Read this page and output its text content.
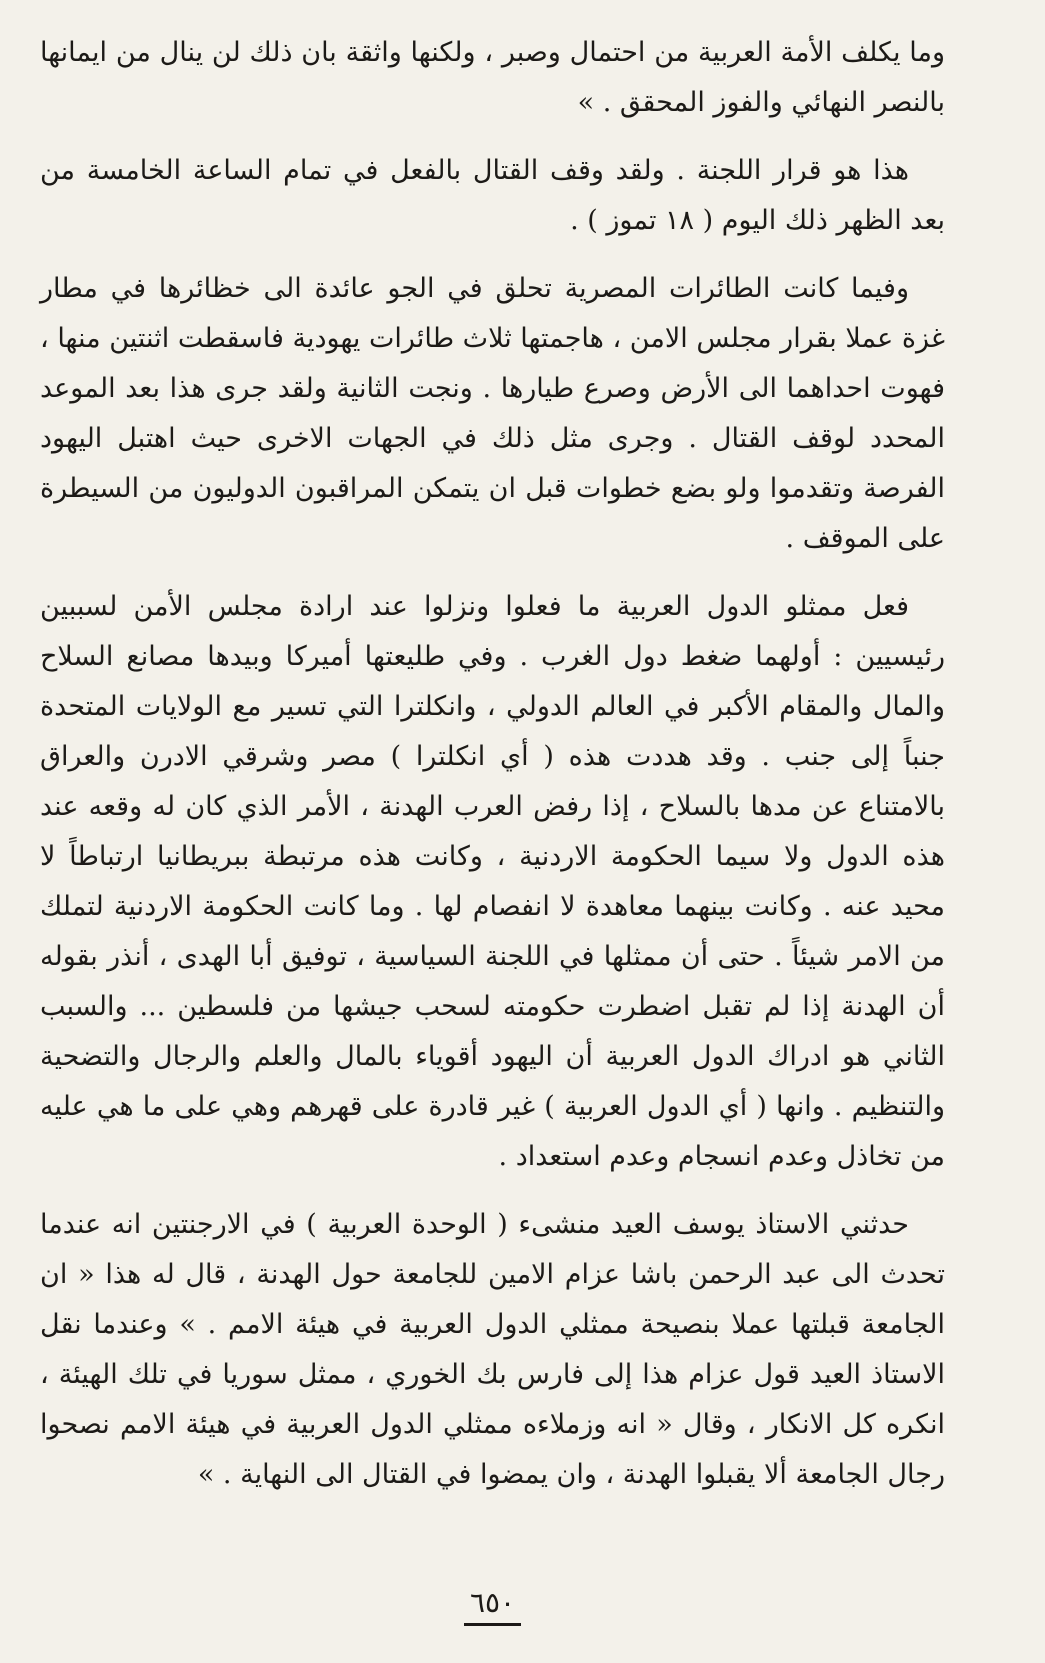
وما يكلف الأمة العربية من احتمال وصبر ، ولكنها واثقة بان ذلك لن ينال من ايمانها بالنصر النهائي والفوز المحقق . »

هذا هو قرار اللجنة . ولقد وقف القتال بالفعل في تمام الساعة الخامسة من بعد الظهر ذلك اليوم ( ١٨ تموز ) .

وفيما كانت الطائرات المصرية تحلق في الجو عائدة الى خظائرها في مطار غزة عملا بقرار مجلس الامن ، هاجمتها ثلاث طائرات يهودية فاسقطت اثنتين منها ، فهوت احداهما الى الأرض وصرع طيارها . ونجت الثانية ولقد جرى هذا بعد الموعد المحدد لوقف القتال . وجرى مثل ذلك في الجهات الاخرى حيث اهتبل اليهود الفرصة وتقدموا ولو بضع خطوات قبل ان يتمكن المراقبون الدوليون من السيطرة على الموقف .

فعل ممثلو الدول العربية ما فعلوا ونزلوا عند ارادة مجلس الأمن لسببين رئيسيين : أولهما ضغط دول الغرب . وفي طليعتها أميركا وبيدها مصانع السلاح والمال والمقام الأكبر في العالم الدولي ، وانكلترا التي تسير مع الولايات المتحدة جنباً إلى جنب . وقد هددت هذه ( أي انكلترا ) مصر وشرقي الادرن والعراق بالامتناع عن مدها بالسلاح ، إذا رفض العرب الهدنة ، الأمر الذي كان له وقعه عند هذه الدول ولا سيما الحكومة الاردنية ، وكانت هذه مرتبطة ببريطانيا ارتباطاً لا محيد عنه . وكانت بينهما معاهدة لا انفصام لها . وما كانت الحكومة الاردنية لتملك من الامر شيئاً . حتى أن ممثلها في اللجنة السياسية ، توفيق أبا الهدى ، أنذر بقوله أن الهدنة إذا لم تقبل اضطرت حكومته لسحب جيشها من فلسطين ... والسبب الثاني هو ادراك الدول العربية أن اليهود أقوياء بالمال والعلم والرجال والتضحية والتنظيم . وانها ( أي الدول العربية ) غير قادرة على قهرهم وهي على ما هي عليه من تخاذل وعدم انسجام وعدم استعداد .

حدثني الاستاذ يوسف العيد منشىء ( الوحدة العربية ) في الارجنتين انه عندما تحدث الى عبد الرحمن باشا عزام الامين للجامعة حول الهدنة ، قال له هذا « ان الجامعة قبلتها عملا بنصيحة ممثلي الدول العربية في هيئة الامم . » وعندما نقل الاستاذ العيد قول عزام هذا إلى فارس بك الخوري ، ممثل سوريا في تلك الهيئة ، انكره كل الانكار ، وقال « انه وزملاءه ممثلي الدول العربية في هيئة الامم نصحوا رجال الجامعة ألا يقبلوا الهدنة ، وان يمضوا في القتال الى النهاية . »

٦٥٠
